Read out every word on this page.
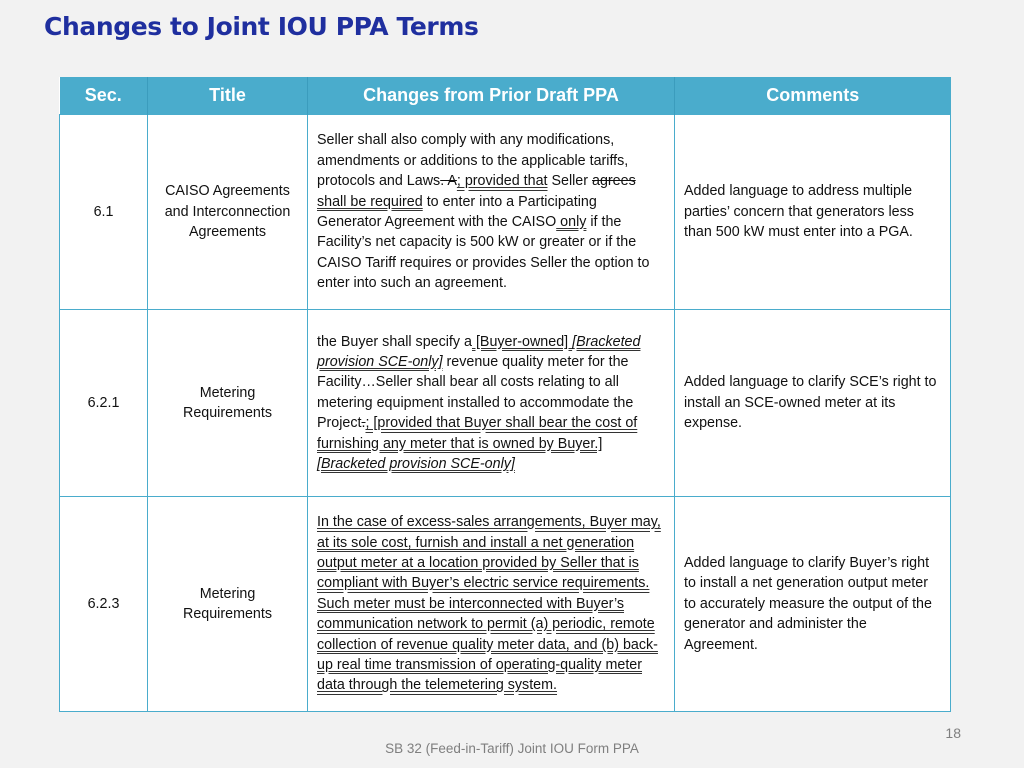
Changes to Joint IOU PPA Terms
Sec.	Title	Changes from Prior Draft PPA	Comments
6.1	CAISO Agreements and Interconnection Agreements	Seller shall also comply with any modifications, amendments or additions to the applicable tariffs, protocols and Laws. A; provided that Seller agrees shall be required to enter into a Participating Generator Agreement with the CAISO only if the Facility’s net capacity is 500 kW or greater or if the CAISO Tariff requires or provides Seller the option to enter into such an agreement.	Added language to address multiple parties’ concern that generators less than 500 kW must enter into a PGA.
6.2.1	Metering Requirements	the Buyer shall specify a [Buyer-owned] [Bracketed provision SCE-only] revenue quality meter for the Facility…Seller shall bear all costs relating to all metering equipment installed to accommodate the Project.; [provided that Buyer shall bear the cost of furnishing any meter that is owned by Buyer.] [Bracketed provision SCE-only]	Added language to clarify SCE’s right to install an SCE-owned meter at its expense.
6.2.3	Metering Requirements	In the case of excess-sales arrangements, Buyer may, at its sole cost, furnish and install a net generation output meter at a location provided by Seller that is compliant with Buyer’s electric service requirements. Such meter must be interconnected with Buyer’s communication network to permit (a) periodic, remote collection of revenue quality meter data, and (b) back-up real time transmission of operating-quality meter data through the telemetering system.	Added language to clarify Buyer’s right to install a net generation output meter to accurately measure the output of the generator and administer the Agreement.
18
SB 32 (Feed-in-Tariff) Joint IOU Form PPA
